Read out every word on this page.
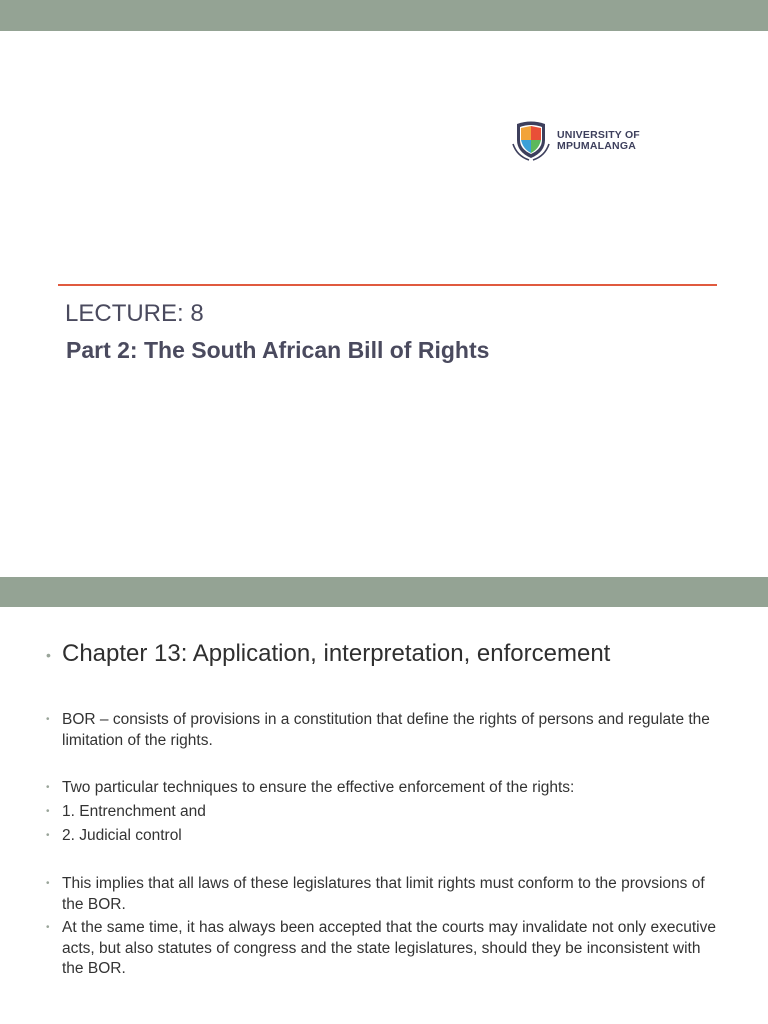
UNIVERSITY OF
MPUMALANGA
LECTURE: 8
Part 2: The South African Bill of Rights
• Chapter 13: Application, interpretation, enforcement
• BOR – consists of provisions in a constitution that define the rights of persons and regulate the limitation of the rights.
• Two particular techniques to ensure the effective enforcement of the rights:
• 1. Entrenchment and
• 2. Judicial control
• This implies that all laws of these legislatures that limit rights must conform to the provsions of the BOR.
• At the same time, it has always been accepted that the courts may invalidate not only executive acts, but also statutes of congress and the state legislatures, should they be inconsistent with the BOR.
